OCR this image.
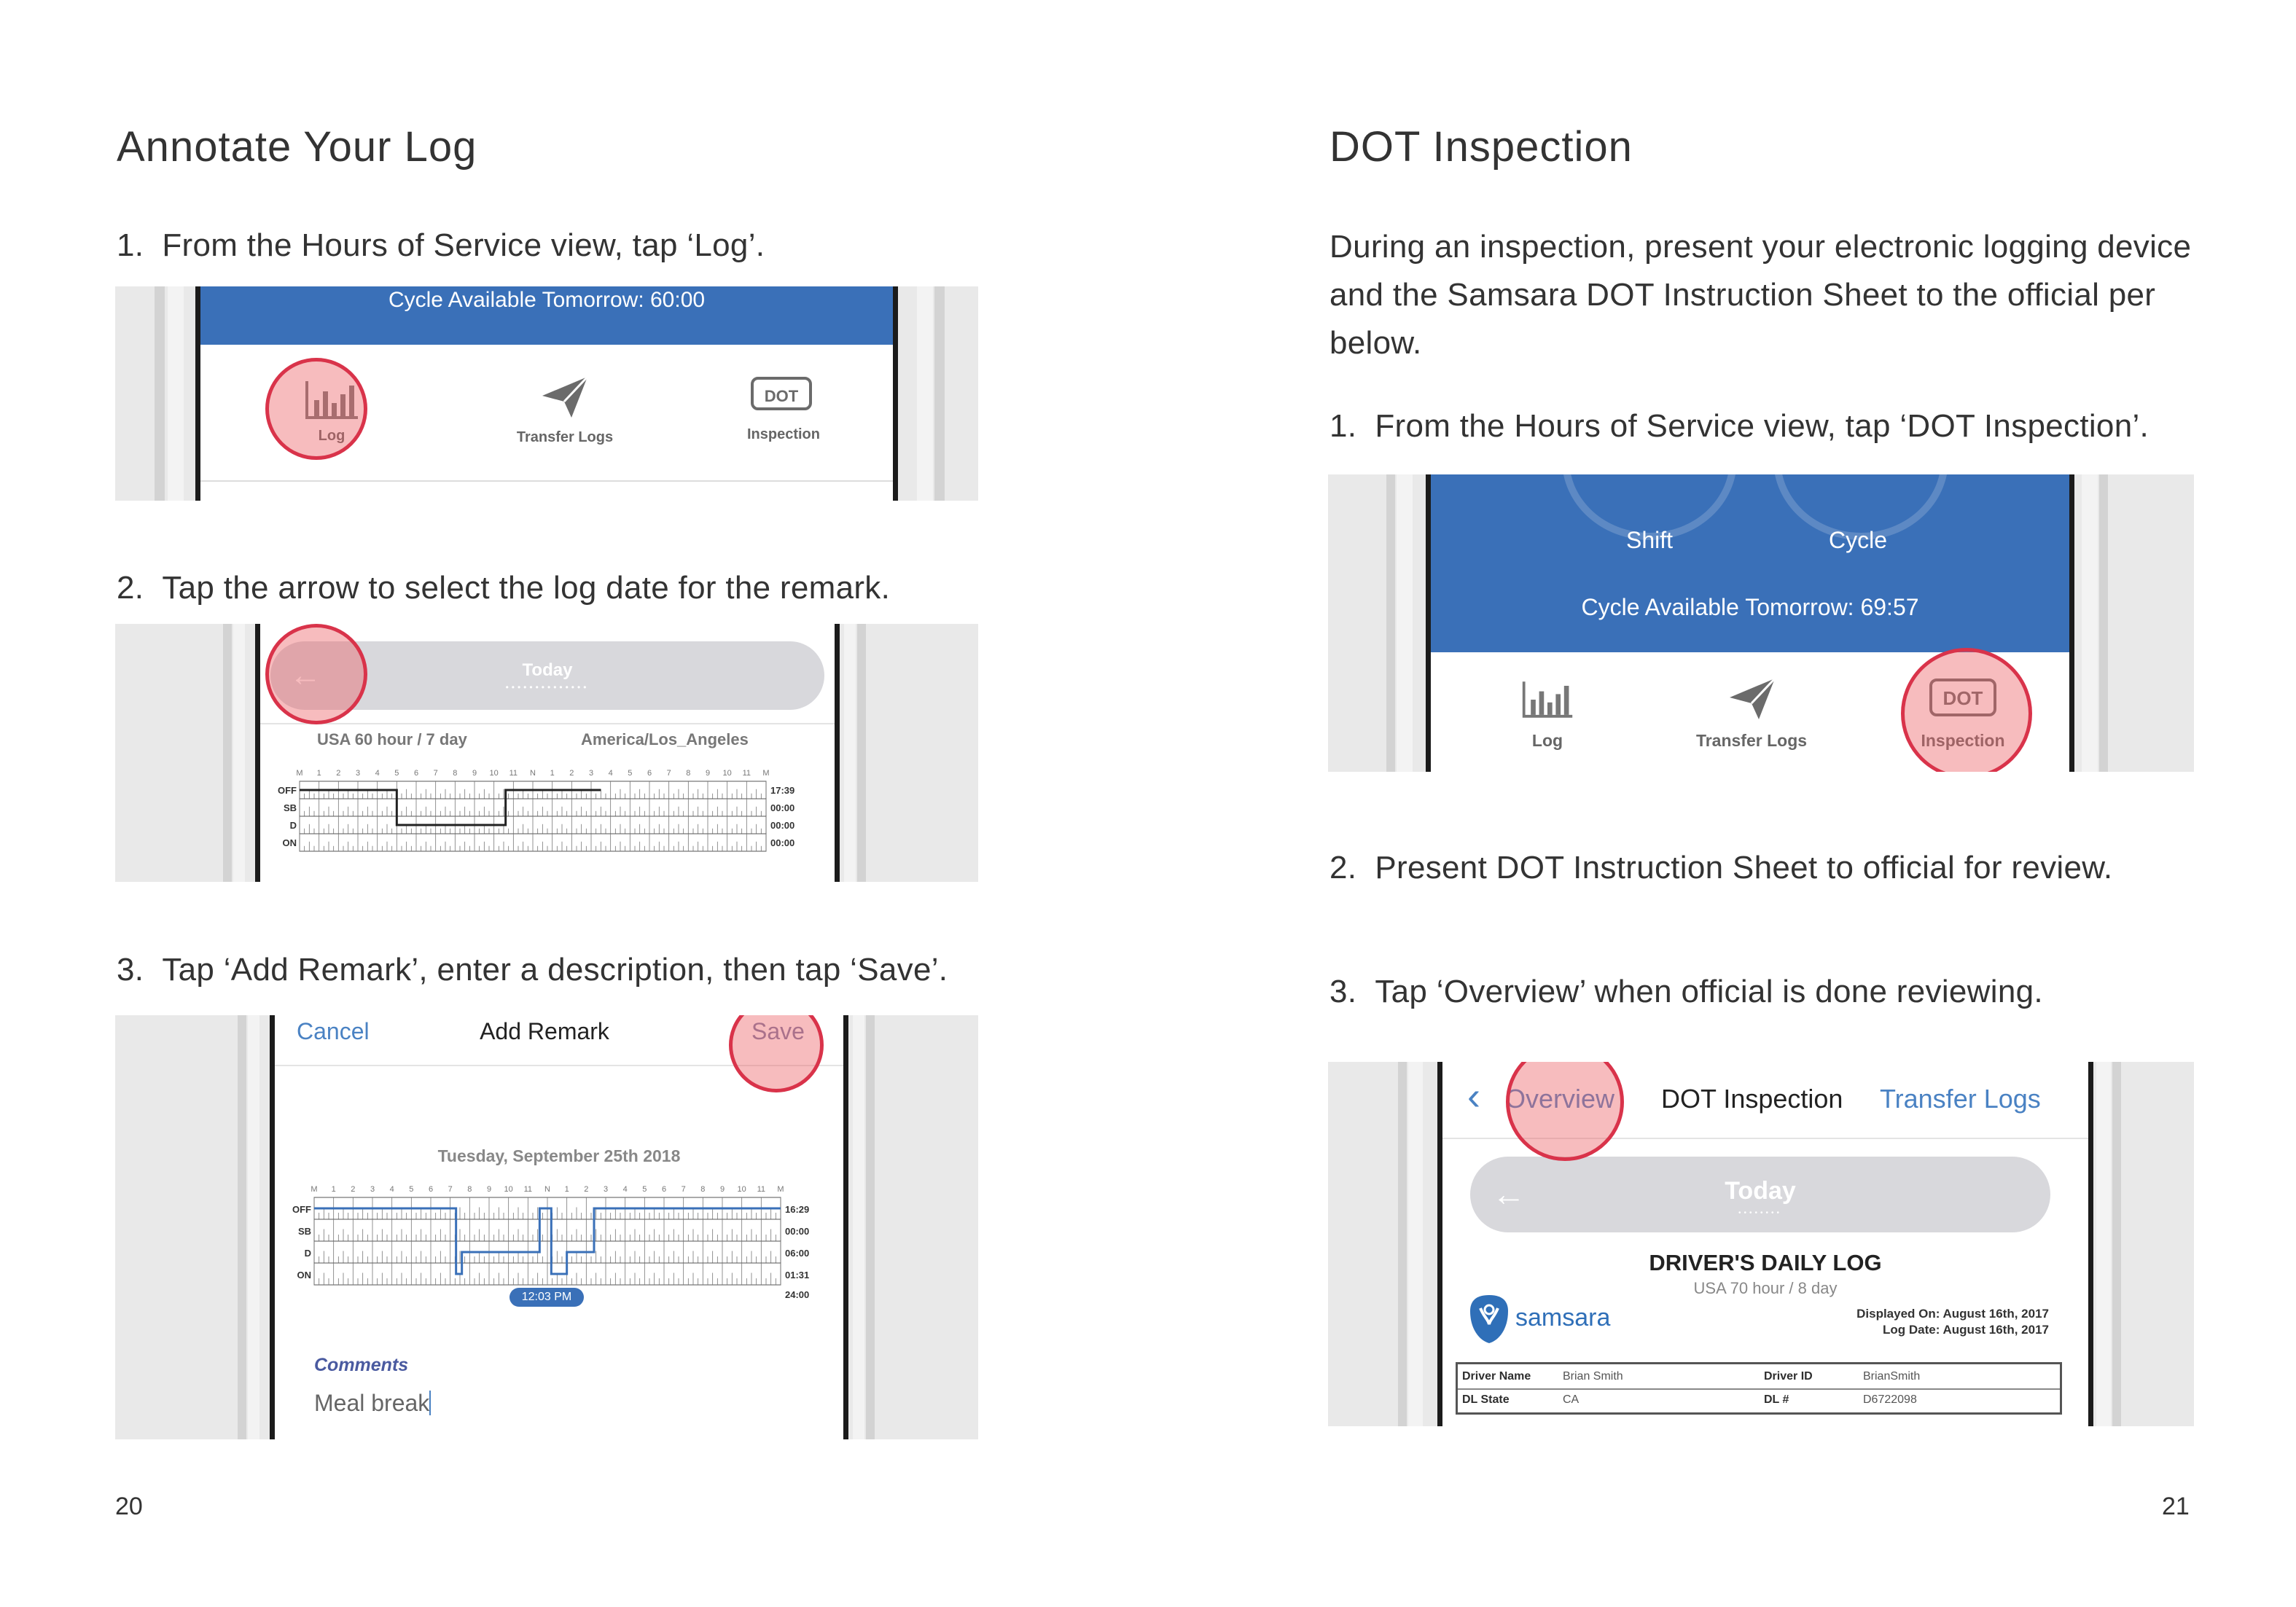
Annotate Your Log
1. From the Hours of Service view, tap ‘Log’.
Cycle Available Tomorrow: 60:00
Log	Transfer Logs
DOT
Inspection
2. Tap the arrow to select the log date for the remark.
←	Today
••••••••••••••
USA 60 hour / 7 day	America/Los_Angeles
M 1 2 3 4 5 6 7 8 9 10 11 N 1 2 3 4 5 6 7 8 9 10 11 M
OFF	17:39
SB	00:00
D	00:00
ON	00:00
3. Tap ‘Add Remark’, enter a description, then tap ‘Save’.
Cancel	Add Remark	Save
Tuesday, September 25th 2018
M 1 2 3 4 5 6 7 8 9 10 11 N 1 2 3 4 5 6 7 8 9 10 11 M
OFF	16:29
SB	00:00
D	06:00
ON	01:31
24:00
12:03 PM
Comments
Meal break
20
DOT Inspection
During an inspection, present your electronic logging device and the Samsara DOT Instruction Sheet to the official per below.
1. From the Hours of Service view, tap ‘DOT Inspection’.
Shift	Cycle
Cycle Available Tomorrow: 69:57
Log	Transfer Logs
DOT
Inspection
2. Present DOT Instruction Sheet to official for review.
3. Tap ‘Overview’ when official is done reviewing.
‹ Overview DOT Inspection Transfer Logs
←	Today
••••••••
DRIVER'S DAILY LOG
USA 70 hour / 8 day
samsara	Displayed On: August 16th, 2017
Log Date: August 16th, 2017
Driver Name	Brian Smith	Driver ID	BrianSmith
DL State	CA	DL #	D6722098
21
